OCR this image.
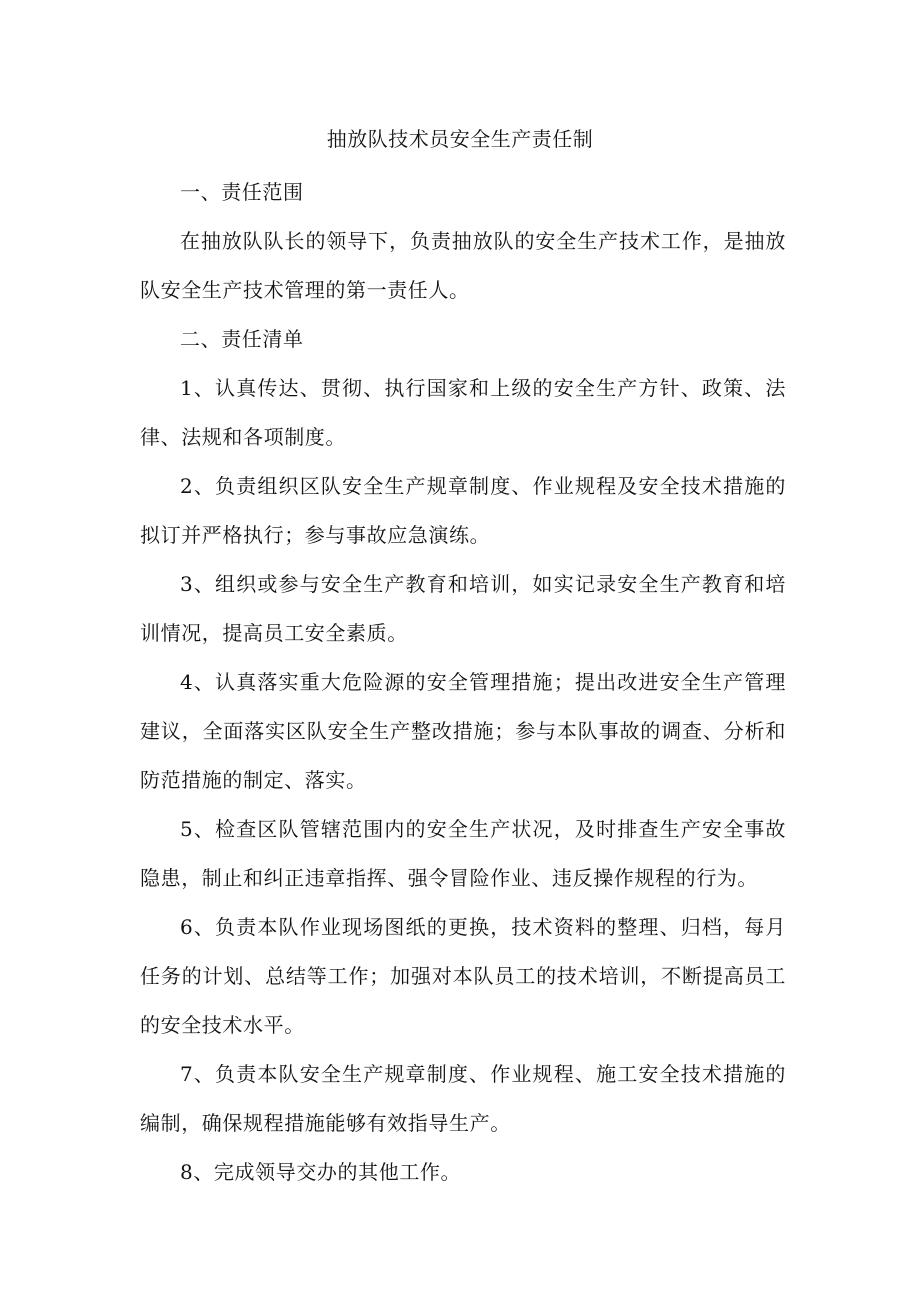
抽放队技术员安全生产责任制

一、责任范围

在抽放队队长的领导下，负责抽放队的安全生产技术工作，是抽放队安全生产技术管理的第一责任人。

二、责任清单

1、认真传达、贯彻、执行国家和上级的安全生产方针、政策、法律、法规和各项制度。

2、负责组织区队安全生产规章制度、作业规程及安全技术措施的拟订并严格执行；参与事故应急演练。

3、组织或参与安全生产教育和培训，如实记录安全生产教育和培训情况，提高员工安全素质。

4、认真落实重大危险源的安全管理措施；提出改进安全生产管理建议，全面落实区队安全生产整改措施；参与本队事故的调查、分析和防范措施的制定、落实。

5、检查区队管辖范围内的安全生产状况，及时排查生产安全事故隐患，制止和纠正违章指挥、强令冒险作业、违反操作规程的行为。

6、负责本队作业现场图纸的更换，技术资料的整理、归档，每月任务的计划、总结等工作；加强对本队员工的技术培训，不断提高员工的安全技术水平。

7、负责本队安全生产规章制度、作业规程、施工安全技术措施的编制，确保规程措施能够有效指导生产。

8、完成领导交办的其他工作。
